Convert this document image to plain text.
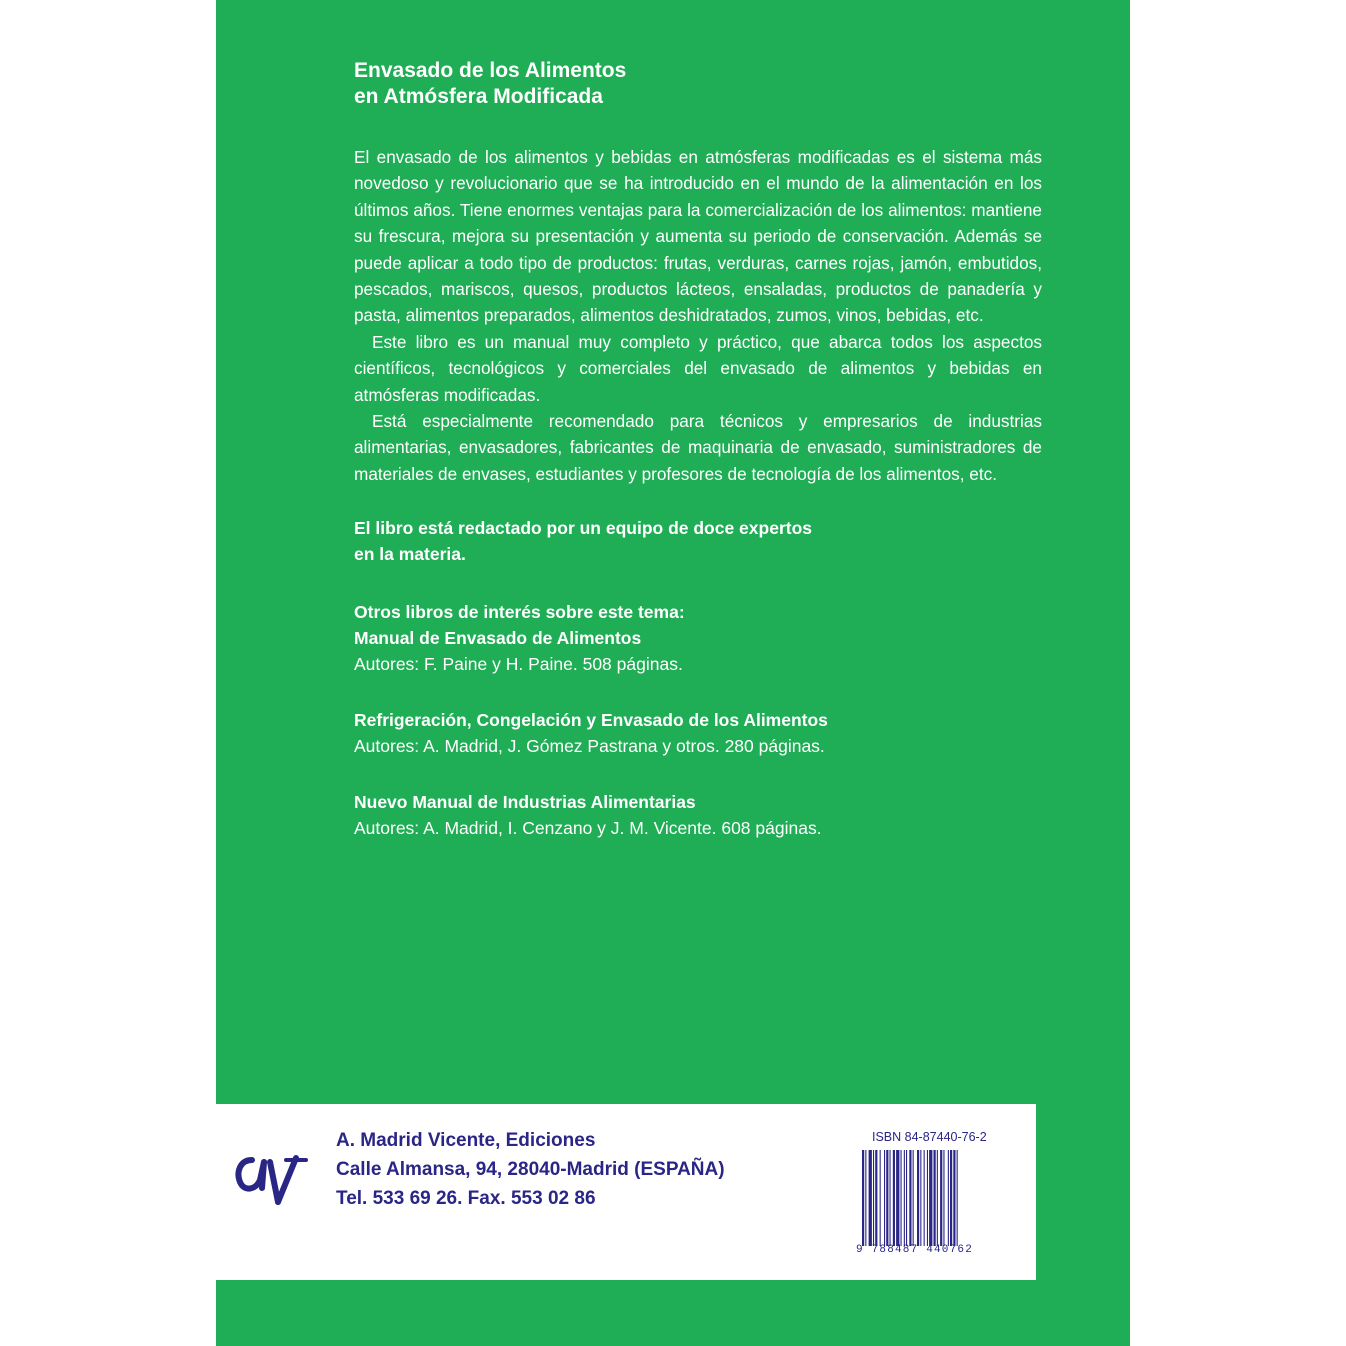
Envasado de los Alimentos
en Atmósfera Modificada

El envasado de los alimentos y bebidas en atmósferas modificadas es el sistema más novedoso y revolucionario que se ha introducido en el mundo de la alimentación en los últimos años. Tiene enormes ventajas para la comercialización de los alimentos: mantiene su frescura, mejora su presentación y aumenta su periodo de conservación. Además se puede aplicar a todo tipo de productos: frutas, verduras, carnes rojas, jamón, embutidos, pescados, mariscos, quesos, productos lácteos, ensaladas, productos de panadería y pasta, alimentos preparados, alimentos deshidratados, zumos, vinos, bebidas, etc.

Este libro es un manual muy completo y práctico, que abarca todos los aspectos científicos, tecnológicos y comerciales del envasado de alimentos y bebidas en atmósferas modificadas.

Está especialmente recomendado para técnicos y empresarios de industrias alimentarias, envasadores, fabricantes de maquinaria de envasado, suministradores de materiales de envases, estudiantes y profesores de tecnología de los alimentos, etc.

El libro está redactado por un equipo de doce expertos
en la materia.
Otros libros de interés sobre este tema:
Manual de Envasado de Alimentos
Autores: F. Paine y H. Paine. 508 páginas.
Refrigeración, Congelación y Envasado de los Alimentos
Autores: A. Madrid, J. Gómez Pastrana y otros. 280 páginas.
Nuevo Manual de Industrias Alimentarias
Autores: A. Madrid, I. Cenzano y J. M. Vicente. 608 páginas.
A. Madrid Vicente, Ediciones
Calle Almansa, 94, 28040-Madrid (ESPAÑA)
Tel. 533 69 26. Fax. 553 02 86
ISBN 84-87440-76-2
9 788487 440762
